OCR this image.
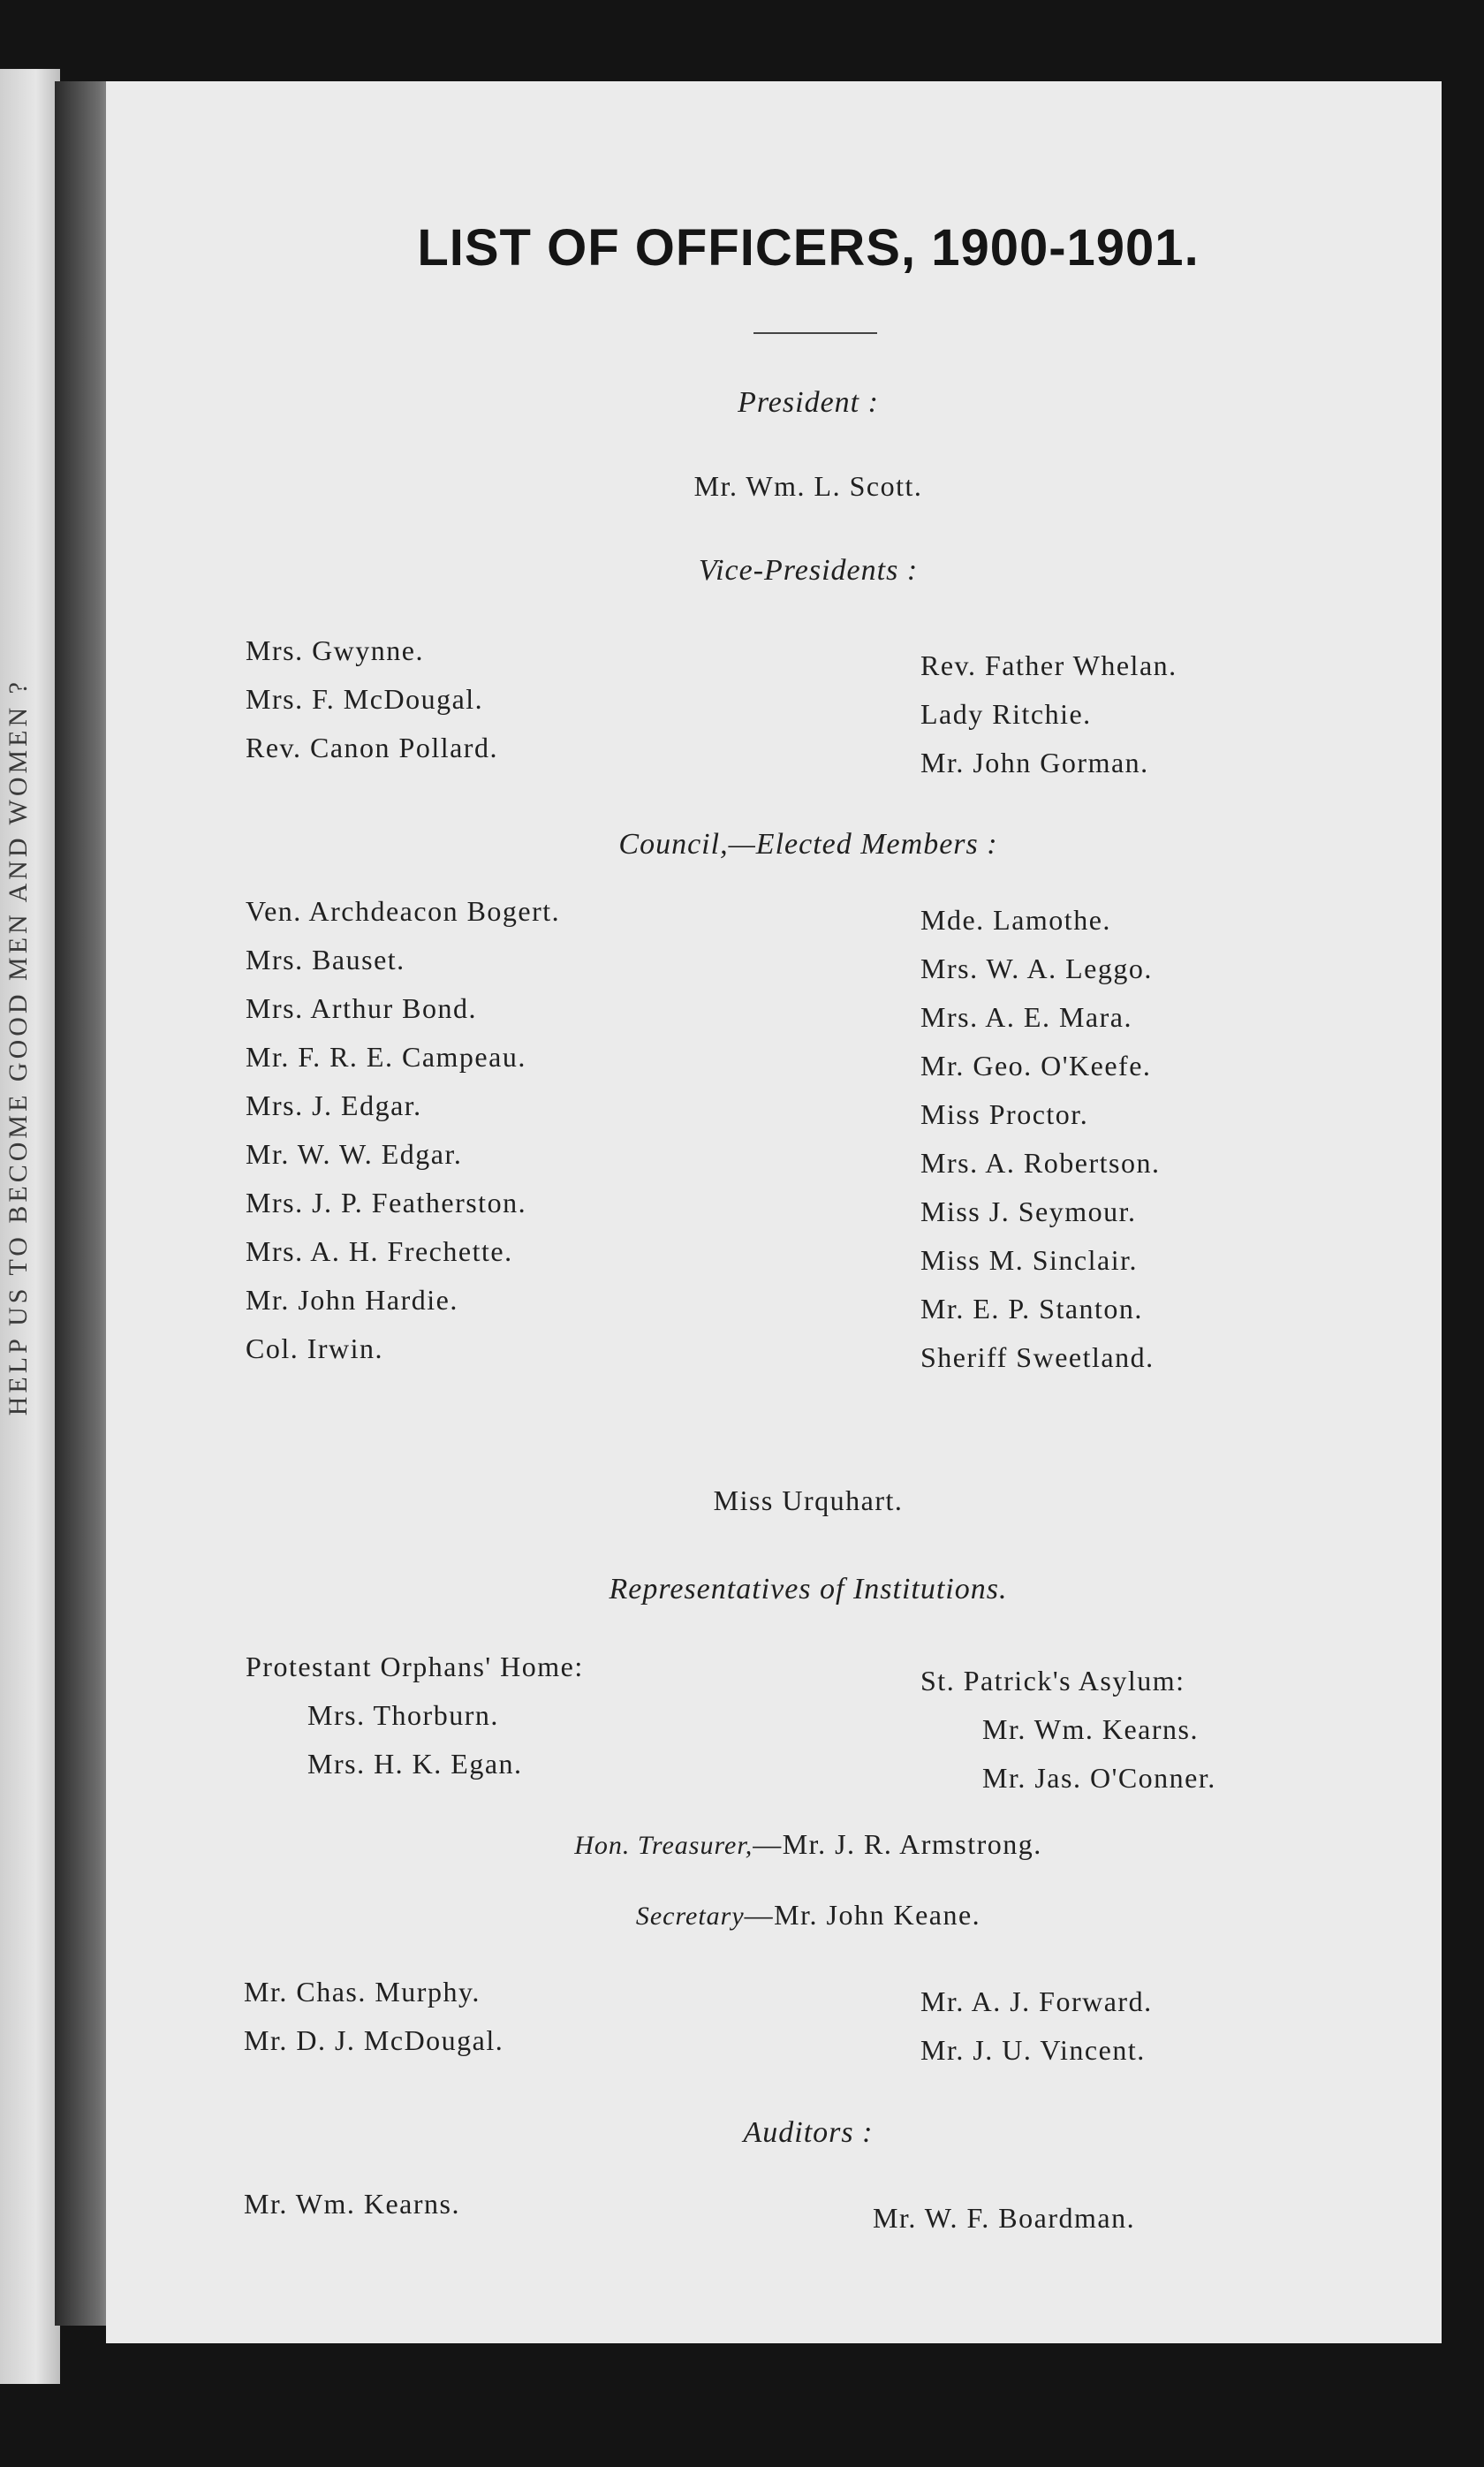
HELP US TO BECOME GOOD MEN AND WOMEN ?
LIST OF OFFICERS, 1900-1901.
President :
Mr. Wm. L. Scott.
Vice-Presidents :
Mrs. Gwynne.
Mrs. F. McDougal.
Rev. Canon Pollard.
Rev. Father Whelan.
Lady Ritchie.
Mr. John Gorman.
Council,—Elected Members :
Ven. Archdeacon Bogert.
Mrs. Bauset.
Mrs. Arthur Bond.
Mr. F. R. E. Campeau.
Mrs. J. Edgar.
Mr. W. W. Edgar.
Mrs. J. P. Featherston.
Mrs. A. H. Frechette.
Mr. John Hardie.
Col. Irwin.
Mde. Lamothe.
Mrs. W. A. Leggo.
Mrs. A. E. Mara.
Mr. Geo. O'Keefe.
Miss Proctor.
Mrs. A. Robertson.
Miss J. Seymour.
Miss M. Sinclair.
Mr. E. P. Stanton.
Sheriff Sweetland.
Miss Urquhart.
Representatives of Institutions.
Protestant Orphans' Home:
Mrs. Thorburn.
Mrs. H. K. Egan.
St. Patrick's Asylum:
Mr. Wm. Kearns.
Mr. Jas. O'Conner.
Hon. Treasurer,—Mr. J. R. Armstrong.
Secretary—Mr. John Keane.
Mr. Chas. Murphy.
Mr. D. J. McDougal.
Mr. A. J. Forward.
Mr. J. U. Vincent.
Auditors :
Mr. Wm. Kearns.	Mr. W. F. Boardman.
